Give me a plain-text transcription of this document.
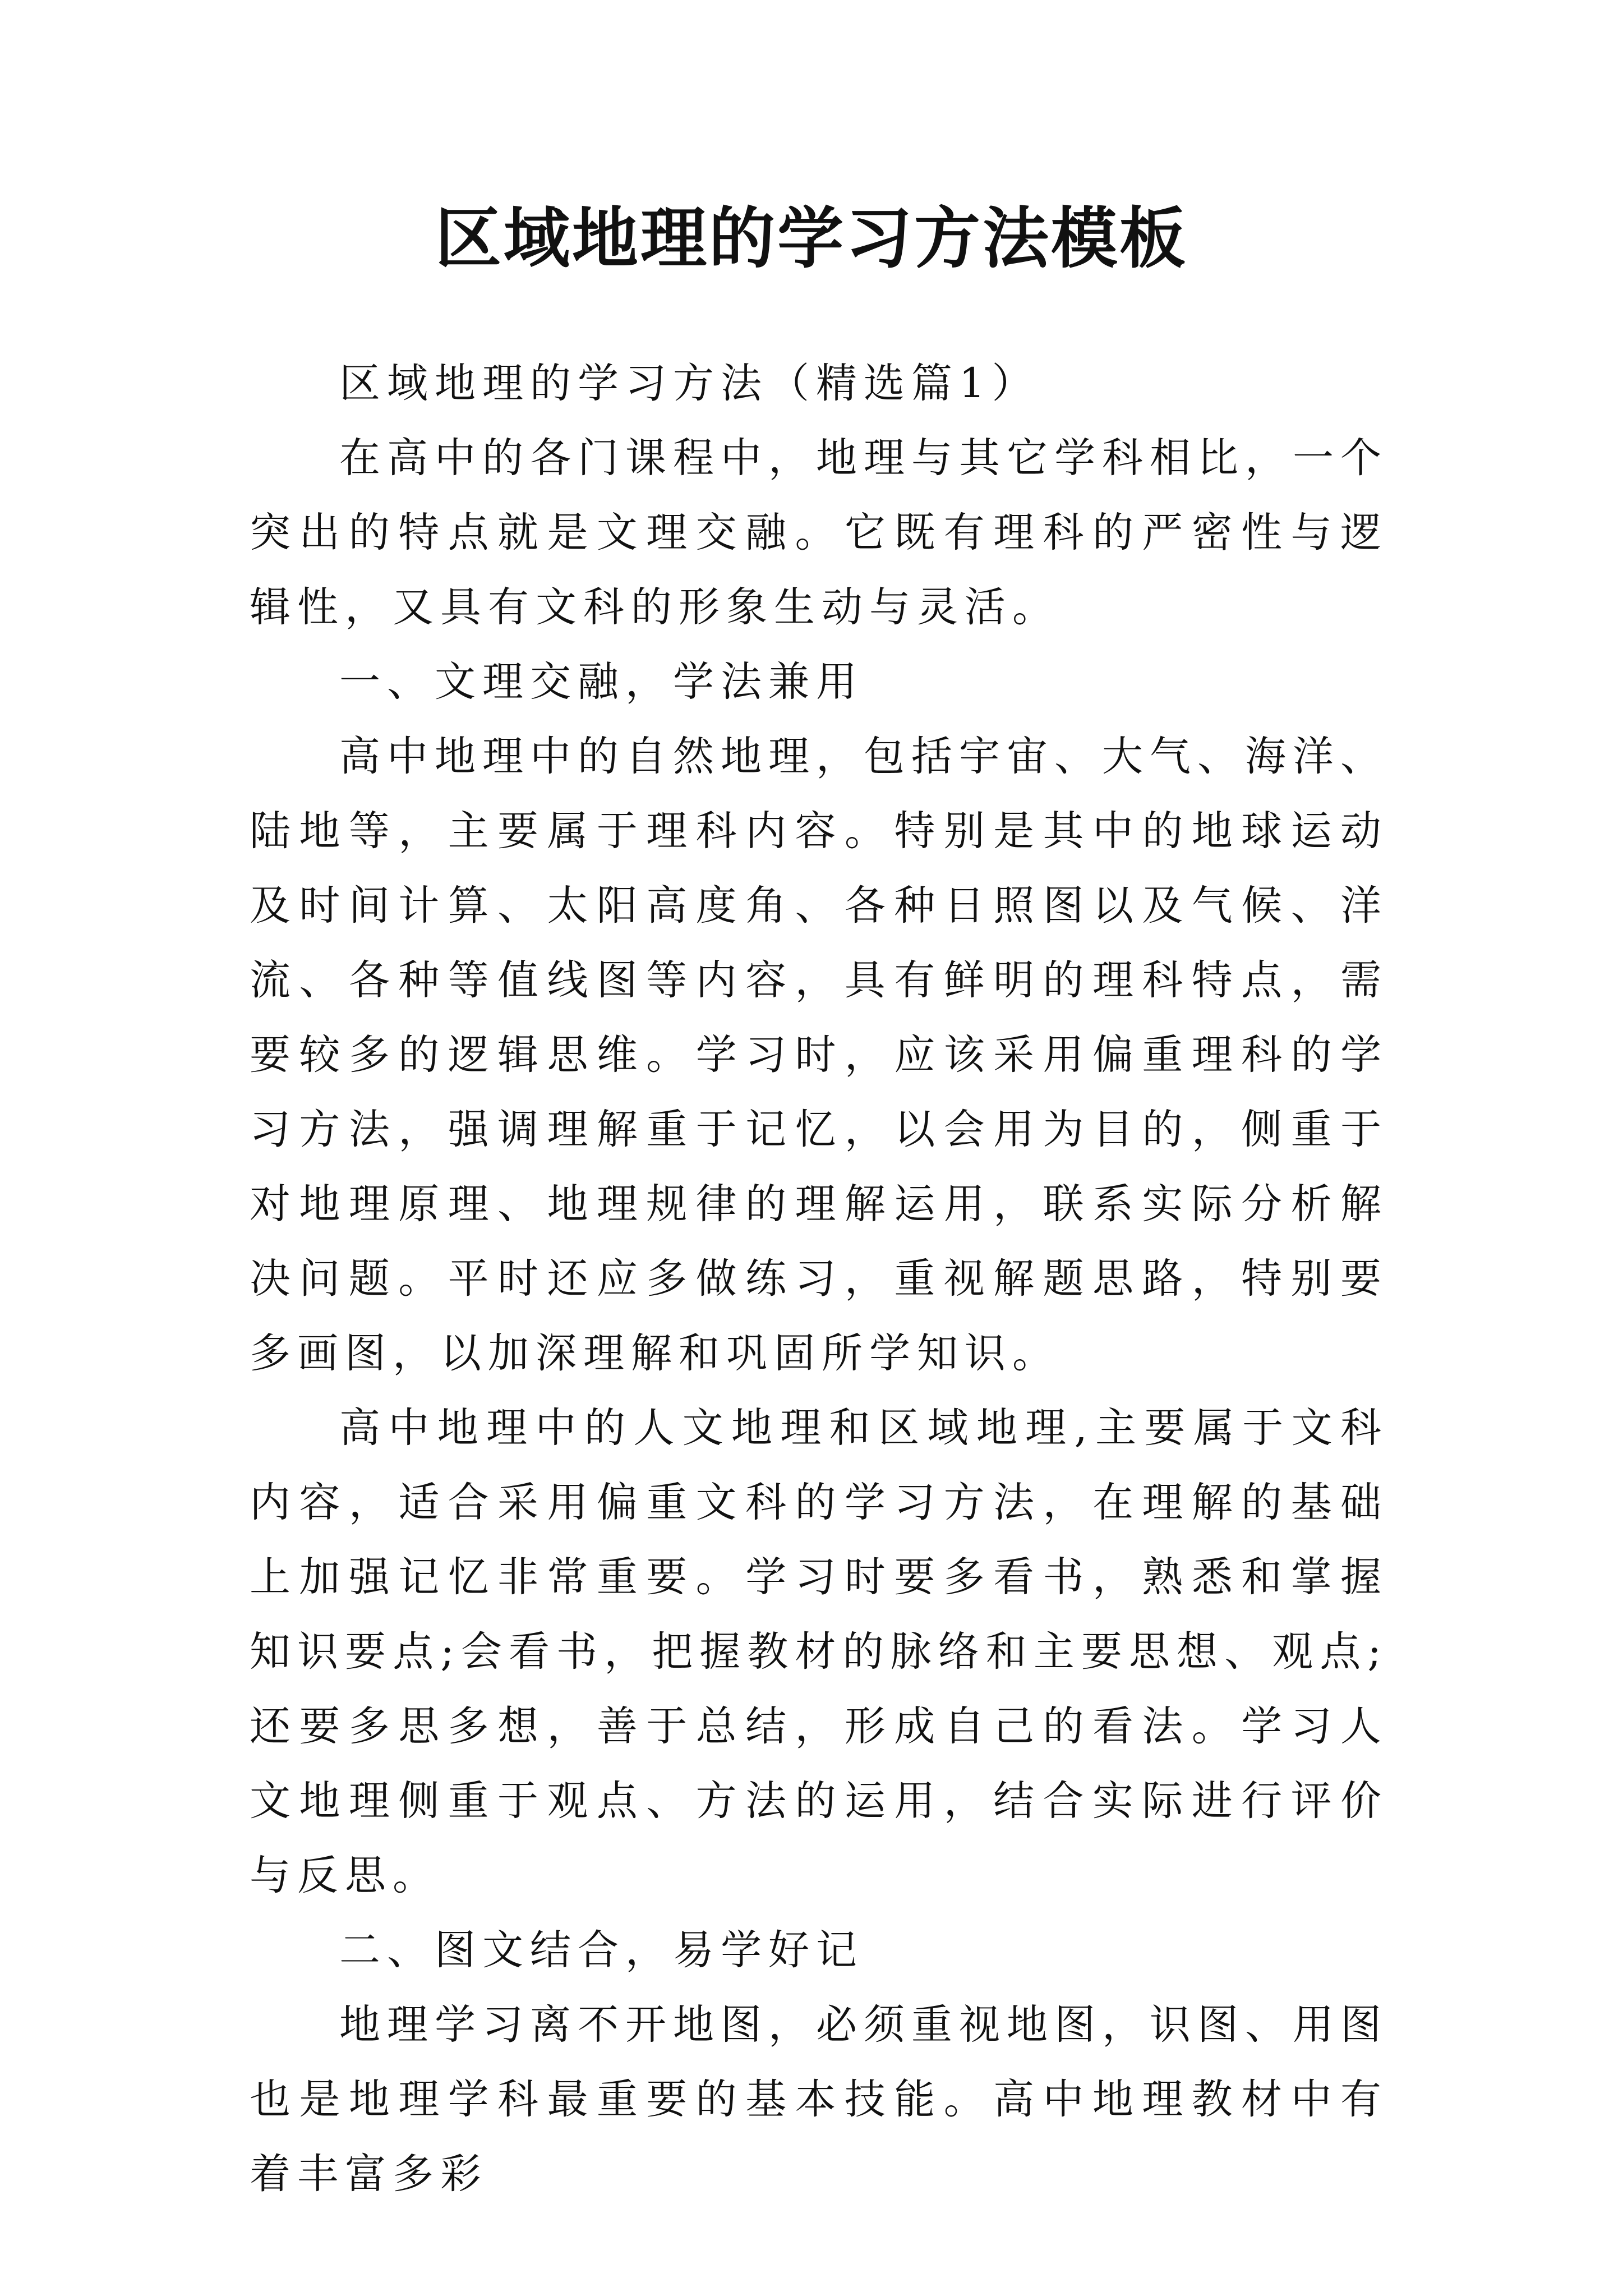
区域地理的学习方法模板

区域地理的学习方法（精选篇1）

在高中的各门课程中，地理与其它学科相比，一个突出的特点就是文理交融。它既有理科的严密性与逻辑性，又具有文科的形象生动与灵活。

一、文理交融，学法兼用

高中地理中的自然地理，包括宇宙、大气、海洋、陆地等，主要属于理科内容。特别是其中的地球运动及时间计算、太阳高度角、各种日照图以及气候、洋流、各种等值线图等内容，具有鲜明的理科特点，需要较多的逻辑思维。学习时，应该采用偏重理科的学习方法，强调理解重于记忆，以会用为目的，侧重于对地理原理、地理规律的理解运用，联系实际分析解决问题。平时还应多做练习，重视解题思路，特别要多画图，以加深理解和巩固所学知识。

高中地理中的人文地理和区域地理,主要属于文科内容，适合采用偏重文科的学习方法，在理解的基础上加强记忆非常重要。学习时要多看书，熟悉和掌握知识要点;会看书，把握教材的脉络和主要思想、观点;还要多思多想，善于总结，形成自己的看法。学习人文地理侧重于观点、方法的运用，结合实际进行评价与反思。

二、图文结合，易学好记

地理学习离不开地图，必须重视地图，识图、用图也是地理学科最重要的基本技能。高中地理教材中有着丰富多彩
